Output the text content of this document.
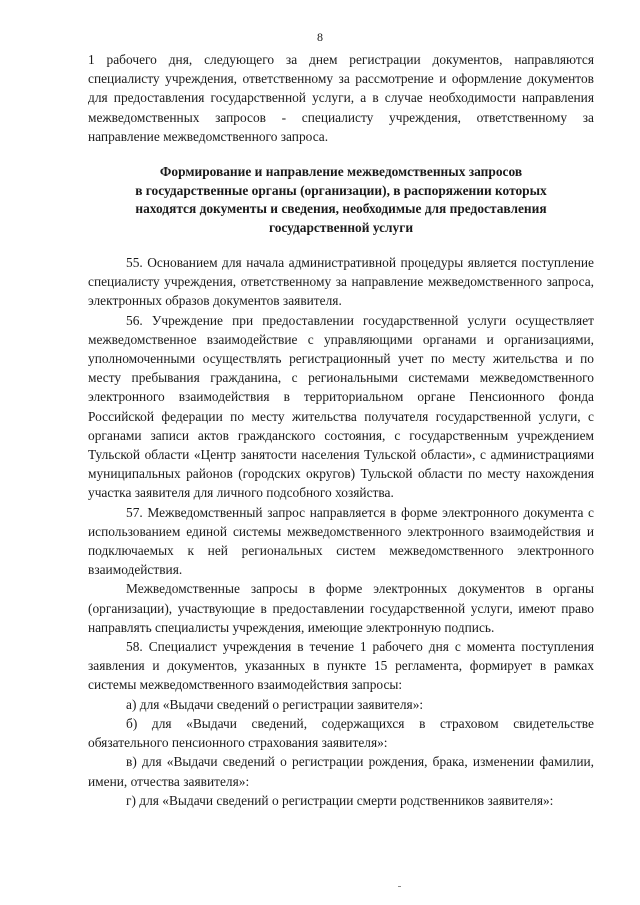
8

1 рабочего дня, следующего за днем регистрации документов, направляются специалисту учреждения, ответственному за рассмотрение и оформление документов для предоставления государственной услуги, а в случае необходимости направления межведомственных запросов - специалисту учреждения, ответственному за направление межведомственного запроса.

Формирование и направление межведомственных запросов
в государственные органы (организации), в распоряжении которых
находятся документы и сведения, необходимые для предоставления
государственной услуги

55. Основанием для начала административной процедуры является поступление специалисту учреждения, ответственному за направление межведомственного запроса, электронных образов документов заявителя.

56. Учреждение при предоставлении государственной услуги осуществляет межведомственное взаимодействие с управляющими органами и организациями, уполномоченными осуществлять регистрационный учет по месту жительства и по месту пребывания гражданина, с региональными системами межведомственного электронного взаимодействия в территориальном органе Пенсионного фонда Российской федерации по месту жительства получателя государственной услуги, с органами записи актов гражданского состояния, с государственным учреждением Тульской области «Центр занятости населения Тульской области», с администрациями муниципальных районов (городских округов) Тульской области по месту нахождения участка заявителя для личного подсобного хозяйства.

57. Межведомственный запрос направляется в форме электронного документа с использованием единой системы межведомственного электронного взаимодействия и подключаемых к ней региональных систем межведомственного электронного взаимодействия.

Межведомственные запросы в форме электронных документов в органы (организации), участвующие в предоставлении государственной услуги, имеют право направлять специалисты учреждения, имеющие электронную подпись.

58. Специалист учреждения в течение 1 рабочего дня с момента поступления заявления и документов, указанных в пункте 15 регламента, формирует в рамках системы межведомственного взаимодействия запросы:

а) для «Выдачи сведений о регистрации заявителя»:

б) для «Выдачи сведений, содержащихся в страховом свидетельстве обязательного пенсионного страхования заявителя»:

в) для «Выдачи сведений о регистрации рождения, брака, изменении фамилии, имени, отчества заявителя»:

г) для «Выдачи сведений о регистрации смерти родственников заявителя»:
